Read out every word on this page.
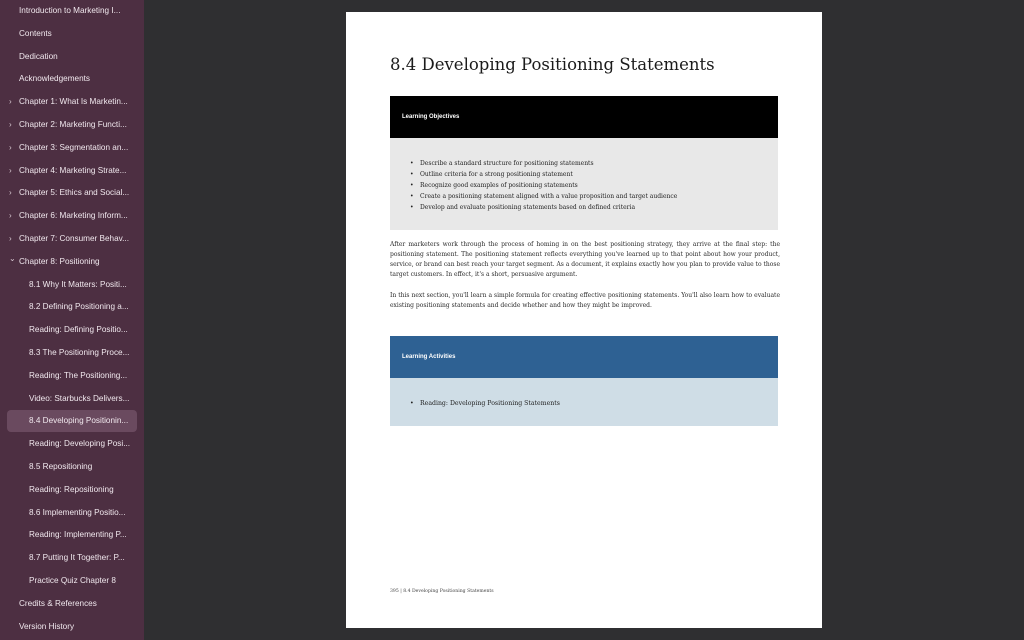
Introduction to Marketing I...
Contents
Dedication
Acknowledgements
› Chapter 1: What Is Marketin...
› Chapter 2: Marketing Functi...
› Chapter 3: Segmentation an...
› Chapter 4: Marketing Strate...
› Chapter 5: Ethics and Social...
› Chapter 6: Marketing Inform...
› Chapter 7: Consumer Behav...
⌄ Chapter 8: Positioning
8.1 Why It Matters: Positi...
8.2 Defining Positioning a...
Reading: Defining Positio...
8.3 The Positioning Proce...
Reading: The Positioning...
Video: Starbucks Delivers...
8.4 Developing Positionin...
Reading: Developing Posi...
8.5 Repositioning
Reading: Repositioning
8.6 Implementing Positio...
Reading: Implementing P...
8.7 Putting It Together: P...
Practice Quiz Chapter 8
Credits & References
Version History
8.4 Developing Positioning Statements
Learning Objectives
• Describe a standard structure for positioning statements
• Outline criteria for a strong positioning statement
• Recognize good examples of positioning statements
• Create a positioning statement aligned with a value proposition and target audience
• Develop and evaluate positioning statements based on defined criteria

After marketers work through the process of homing in on the best positioning strategy, they arrive at the final step: the positioning statement. The positioning statement reflects everything you've learned up to that point about how your product, service, or brand can best reach your target segment. As a document, it explains exactly how you plan to provide value to those target customers. In effect, it's a short, persuasive argument.

In this next section, you'll learn a simple formula for creating effective positioning statements. You'll also learn how to evaluate existing positioning statements and decide whether and how they might be improved.

Learning Activities
• Reading: Developing Positioning Statements
395 | 8.4 Developing Positioning Statements
